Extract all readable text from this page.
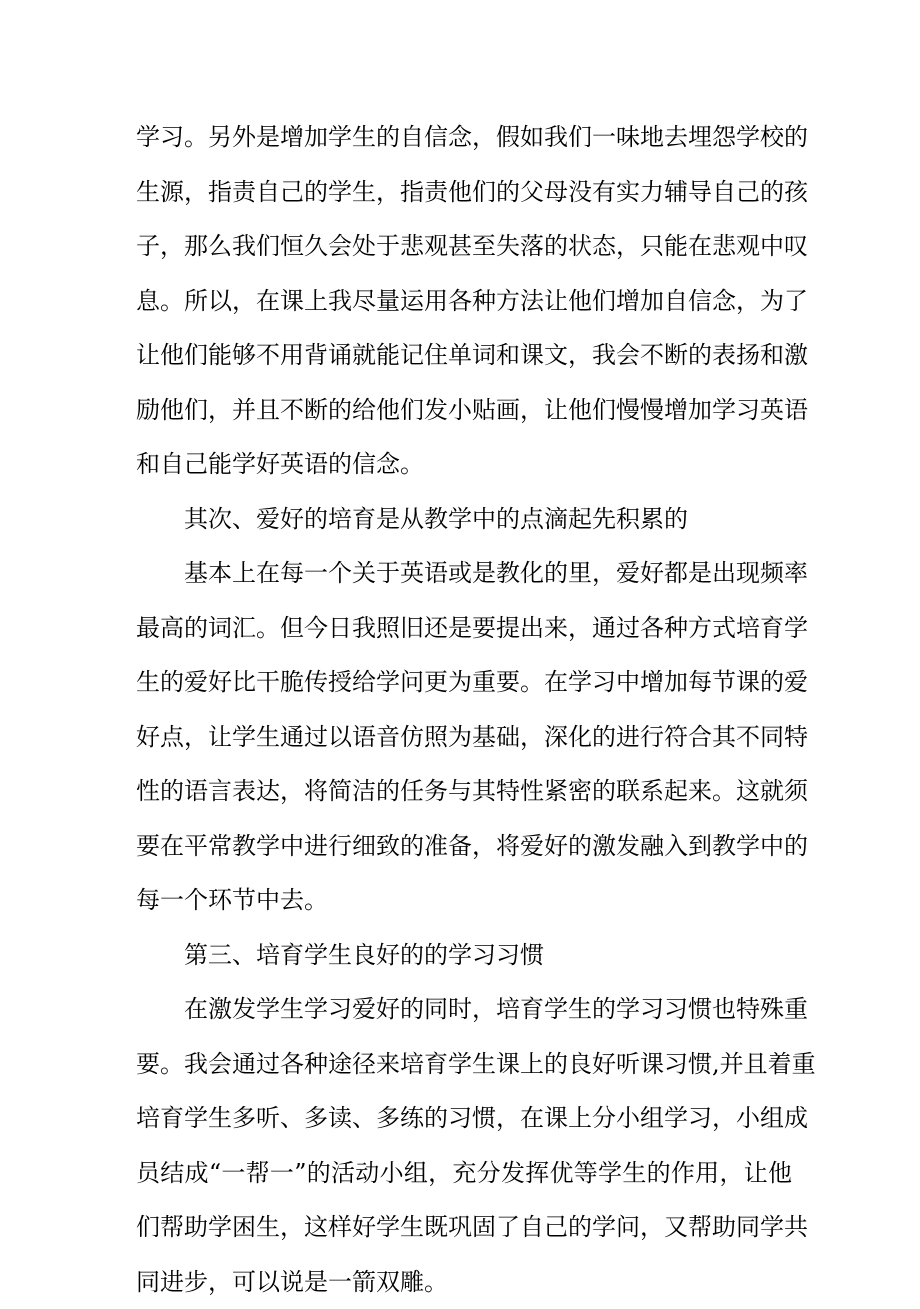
学习。另外是增加学生的自信念，假如我们一味地去埋怨学校的
生源，指责自己的学生，指责他们的父母没有实力辅导自己的孩
子，那么我们恒久会处于悲观甚至失落的状态，只能在悲观中叹
息。所以，在课上我尽量运用各种方法让他们增加自信念，为了
让他们能够不用背诵就能记住单词和课文，我会不断的表扬和激
励他们，并且不断的给他们发小贴画，让他们慢慢增加学习英语
和自己能学好英语的信念。
其次、爱好的培育是从教学中的点滴起先积累的
基本上在每一个关于英语或是教化的里，爱好都是出现频率
最高的词汇。但今日我照旧还是要提出来，通过各种方式培育学
生的爱好比干脆传授给学问更为重要。在学习中增加每节课的爱
好点，让学生通过以语音仿照为基础，深化的进行符合其不同特
性的语言表达，将简洁的任务与其特性紧密的联系起来。这就须
要在平常教学中进行细致的准备，将爱好的激发融入到教学中的
每一个环节中去。
第三、培育学生良好的的学习习惯
在激发学生学习爱好的同时，培育学生的学习习惯也特殊重
要。我会通过各种途径来培育学生课上的良好听课习惯,并且着重
培育学生多听、多读、多练的习惯，在课上分小组学习，小组成
员结成“一帮一”的活动小组，充分发挥优等学生的作用，让他
们帮助学困生，这样好学生既巩固了自己的学问，又帮助同学共
同进步，可以说是一箭双雕。
